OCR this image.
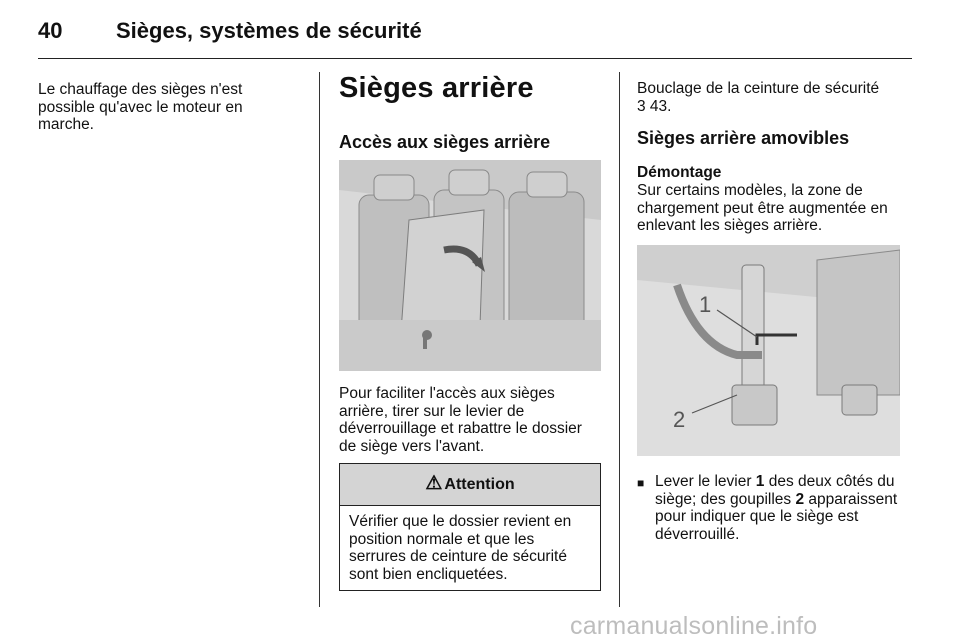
40 Sièges, systèmes de sécurité
Le chauffage des sièges n'est possible qu'avec le moteur en marche.
Sièges arrière
Accès aux sièges arrière
Pour faciliter l'accès aux sièges arrière, tirer sur le levier de déverrouillage et rabattre le dossier de siège vers l'avant.
⚠ Attention
Vérifier que le dossier revient en position normale et que les serrures de ceinture de sécurité sont bien encliquetées.
Bouclage de la ceinture de sécurité
3 43.
Sièges arrière amovibles
Démontage
Sur certains modèles, la zone de chargement peut être augmentée en enlevant les sièges arrière.
1
2
■ Lever le levier 1 des deux côtés du siège; des goupilles 2 apparaissent pour indiquer que le siège est déverrouillé.
carmanualsonline.info
